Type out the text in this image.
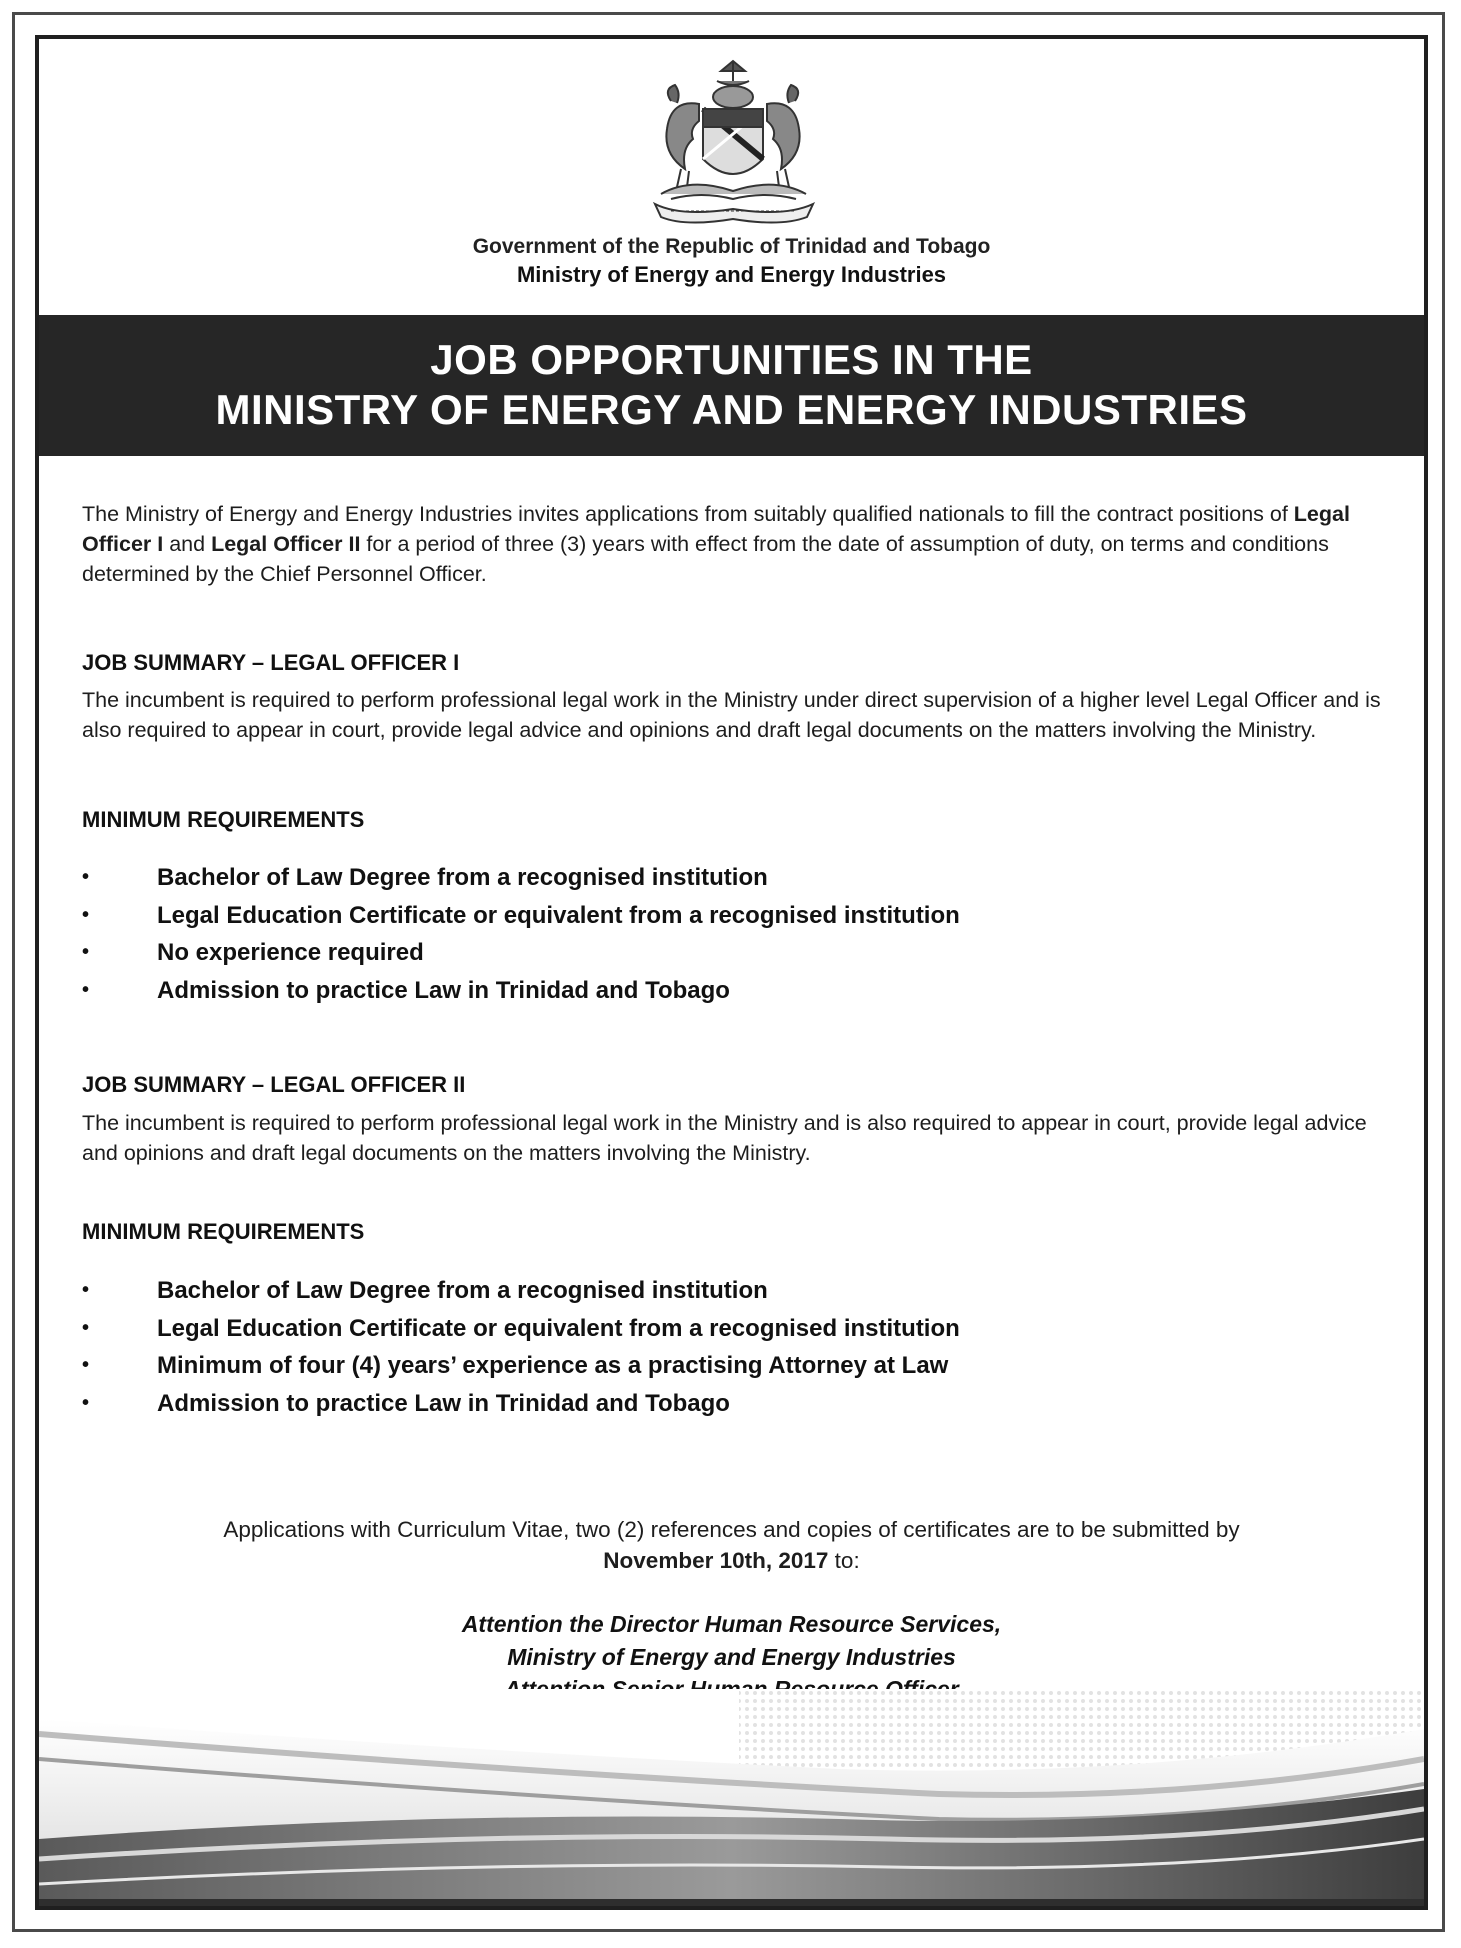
Government of the Republic of Trinidad and Tobago
Ministry of Energy and Energy Industries
JOB OPPORTUNITIES IN THE
MINISTRY OF ENERGY AND ENERGY INDUSTRIES
The Ministry of Energy and Energy Industries invites applications from suitably qualified nationals to fill the contract positions of Legal Officer I and Legal Officer II for a period of three (3) years with effect from the date of assumption of duty, on terms and conditions determined by the Chief Personnel Officer.
JOB SUMMARY – LEGAL OFFICER I
The incumbent is required to perform professional legal work in the Ministry under direct supervision of a higher level Legal Officer and is also required to appear in court, provide legal advice and opinions and draft legal documents on the matters involving the Ministry.
MINIMUM REQUIREMENTS
•	Bachelor of Law Degree from a recognised institution
•	Legal Education Certificate or equivalent from a recognised institution
•	No experience required
•	Admission to practice Law in Trinidad and Tobago
JOB SUMMARY – LEGAL OFFICER II
The incumbent is required to perform professional legal work in the Ministry and is also required to appear in court, provide legal advice and opinions and draft legal documents on the matters involving the Ministry.
MINIMUM REQUIREMENTS
•	Bachelor of Law Degree from a recognised institution
•	Legal Education Certificate or equivalent from a recognised institution
•	Minimum of four (4) years’ experience as a practising Attorney at Law
•	Admission to practice Law in Trinidad and Tobago
Applications with Curriculum Vitae, two (2) references and copies of certificates are to be submitted by
November 10th, 2017 to:
Attention the Director Human Resource Services,
Ministry of Energy and Energy Industries
